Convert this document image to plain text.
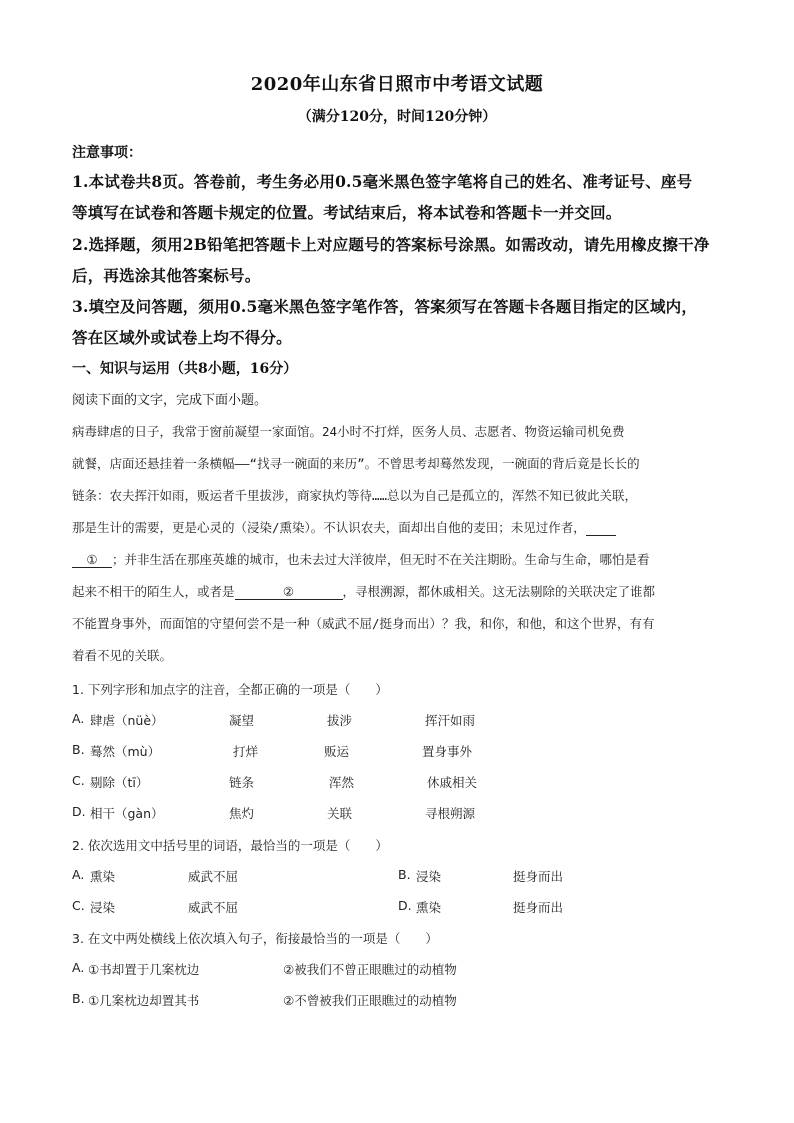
2020年山东省日照市中考语文试题
（满分120分，时间120分钟）
注意事项：
1.本试卷共8页。答卷前，考生务必用0.5毫米黑色签字笔将自己的姓名、准考证号、座号
等填写在试卷和答题卡规定的位置。考试结束后，将本试卷和答题卡一并交回。
2.选择题，须用2B铅笔把答题卡上对应题号的答案标号涂黑。如需改动，请先用橡皮擦干净
后，再选涂其他答案标号。
3.填空及问答题，须用0.5毫米黑色签字笔作答，答案须写在答题卡各题目指定的区域内，
答在区域外或试卷上均不得分。
一、知识与运用（共8小题，16分）
阅读下面的文字，完成下面小题。
病毒肆虐的日子，我常于窗前凝望一家面馆。24小时不打烊，医务人员、志愿者、物资运输司机免费
就餐，店面还悬挂着一条横幅——“找寻一碗面的来历”。不曾思考却蓦然发现，一碗面的背后竟是长长的
链条：农夫挥汗如雨，贩运者千里拔涉，商家执灼等待……总以为自己是孤立的，浑然不知已彼此关联，
那是生计的需要，更是心灵的（浸染/熏染）。不认识农夫，面却出自他的麦田；未见过作者，
① ；并非生活在那座英雄的城市，也未去过大洋彼岸，但无时不在关注期盼。生命与生命，哪怕是看
起来不相干的陌生人，或者是	②	，寻根溯源，都休戚相关。这无法剔除的关联决定了谁都
不能置身事外，而面馆的守望何尝不是一种（威武不屈/挺身而出）？我，和你，和他，和这个世界，有有
着看不见的关联。
1. 下列字形和加点字的注音，全都正确的一项是（　　）
A. 肆虐（nüè）	凝望	拔涉	挥汗如雨
B. 蓦然（mù）	打烊	贩运	置身事外
C. 剔除（tī）	链条	浑然	休戚相关
D. 相干（gàn）	焦灼	关联	寻根朔源
2. 依次选用文中括号里的词语，最恰当的一项是（　　）
A. 熏染	威武不屈	B. 浸染	挺身而出
C. 浸染	威武不屈	D. 熏染	挺身而出
3. 在文中两处横线上依次填入句子，衔接最恰当的一项是（　　）
A. ①书却置于几案枕边	②被我们不曾正眼瞧过的动植物
B. ①几案枕边却置其书	②不曾被我们正眼瞧过的动植物
